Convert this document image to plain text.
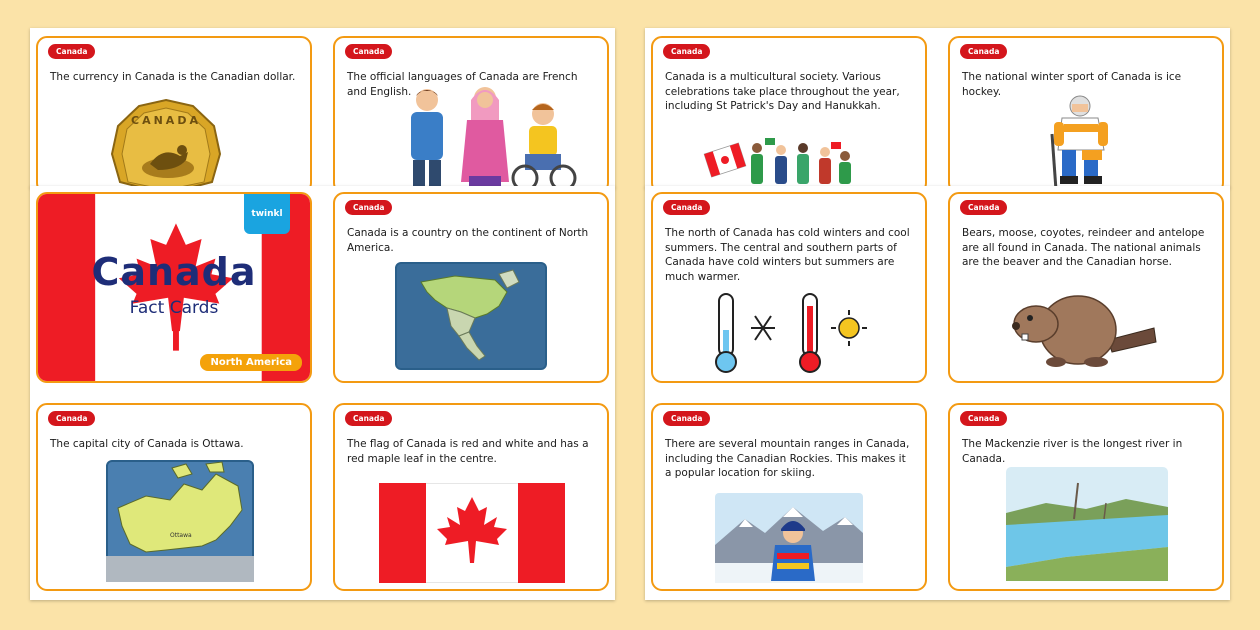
Canada

The currency in Canada is the Canadian dollar.

CANADA
Canada

The official languages of Canada are French and English.

Canada

Canada is a multicultural society. Various celebrations take place throughout the year, including St Patrick's Day and Hanukkah.

Canada

The national winter sport of Canada is ice hockey.

Canada
Fact Cards
twinkl
North America
Canada

Canada is a country on the continent of North America.

Canada

The north of Canada has cold winters and cool summers. The central and southern parts of Canada have cold winters but summers are much warmer.

Canada

Bears, moose, coyotes, reindeer and antelope are all found in Canada. The national animals are the beaver and the Canadian horse.

Canada

The capital city of Canada is Ottawa.

Ottawa
Canada

The flag of Canada is red and white and has a red maple leaf in the centre.

Canada

There are several mountain ranges in Canada, including the Canadian Rockies. This makes it a popular location for skiing.

Canada

The Mackenzie river is the longest river in Canada.
